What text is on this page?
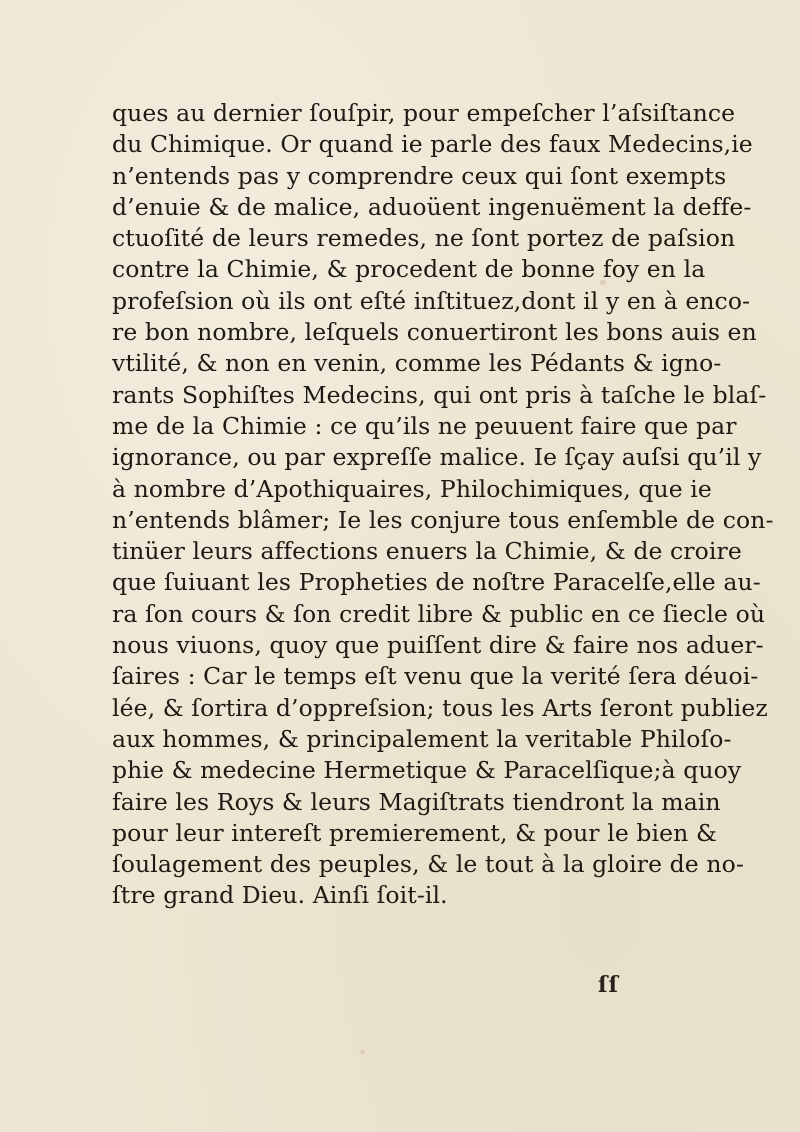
ques au dernier ſouſpir, pour empeſcher l’aſsiſtance
du Chimique. Or quand ie parle des faux Medecins,ie
n’entends pas y comprendre ceux qui ſont exempts
d’enuie & de malice, aduoüent ingenuëment la deffe-
ctuoſité de leurs remedes, ne ſont portez de paſsion
contre la Chimie, & procedent de bonne foy en la
profeſsion où ils ont eſté inſtituez,dont il y en à enco-
re bon nombre, leſquels conuertiront les bons auis en
vtilité, & non en venin, comme les Pédants & igno-
rants Sophiſtes Medecins, qui ont pris à taſche le blaſ-
me de la Chimie : ce qu’ils ne peuuent faire que par
ignorance, ou par expreſſe malice. Ie ſçay auſsi qu’il y
à nombre d’Apothiquaires, Philochimiques, que ie
n’entends blâmer; Ie les conjure tous enſemble de con-
tinüer leurs affections enuers la Chimie, & de croire
que ſuiuant les Propheties de noſtre Paracelſe,elle au-
ra ſon cours & ſon credit libre & public en ce ſiecle où
nous viuons, quoy que puiſſent dire & faire nos aduer-
ſaires : Car le temps eſt venu que la verité ſera déuoi-
lée, & ſortira d’oppreſsion; tous les Arts ſeront publiez
aux hommes, & principalement la veritable Philoſo-
phie & medecine Hermetique & Paracelſique;à quoy
faire les Roys & leurs Magiſtrats tiendront la main
pour leur intereſt premierement, & pour le bien &
ſoulagement des peuples, & le tout à la gloire de no-
ſtre grand Dieu. Ainſi ſoit-il.
ſſ
